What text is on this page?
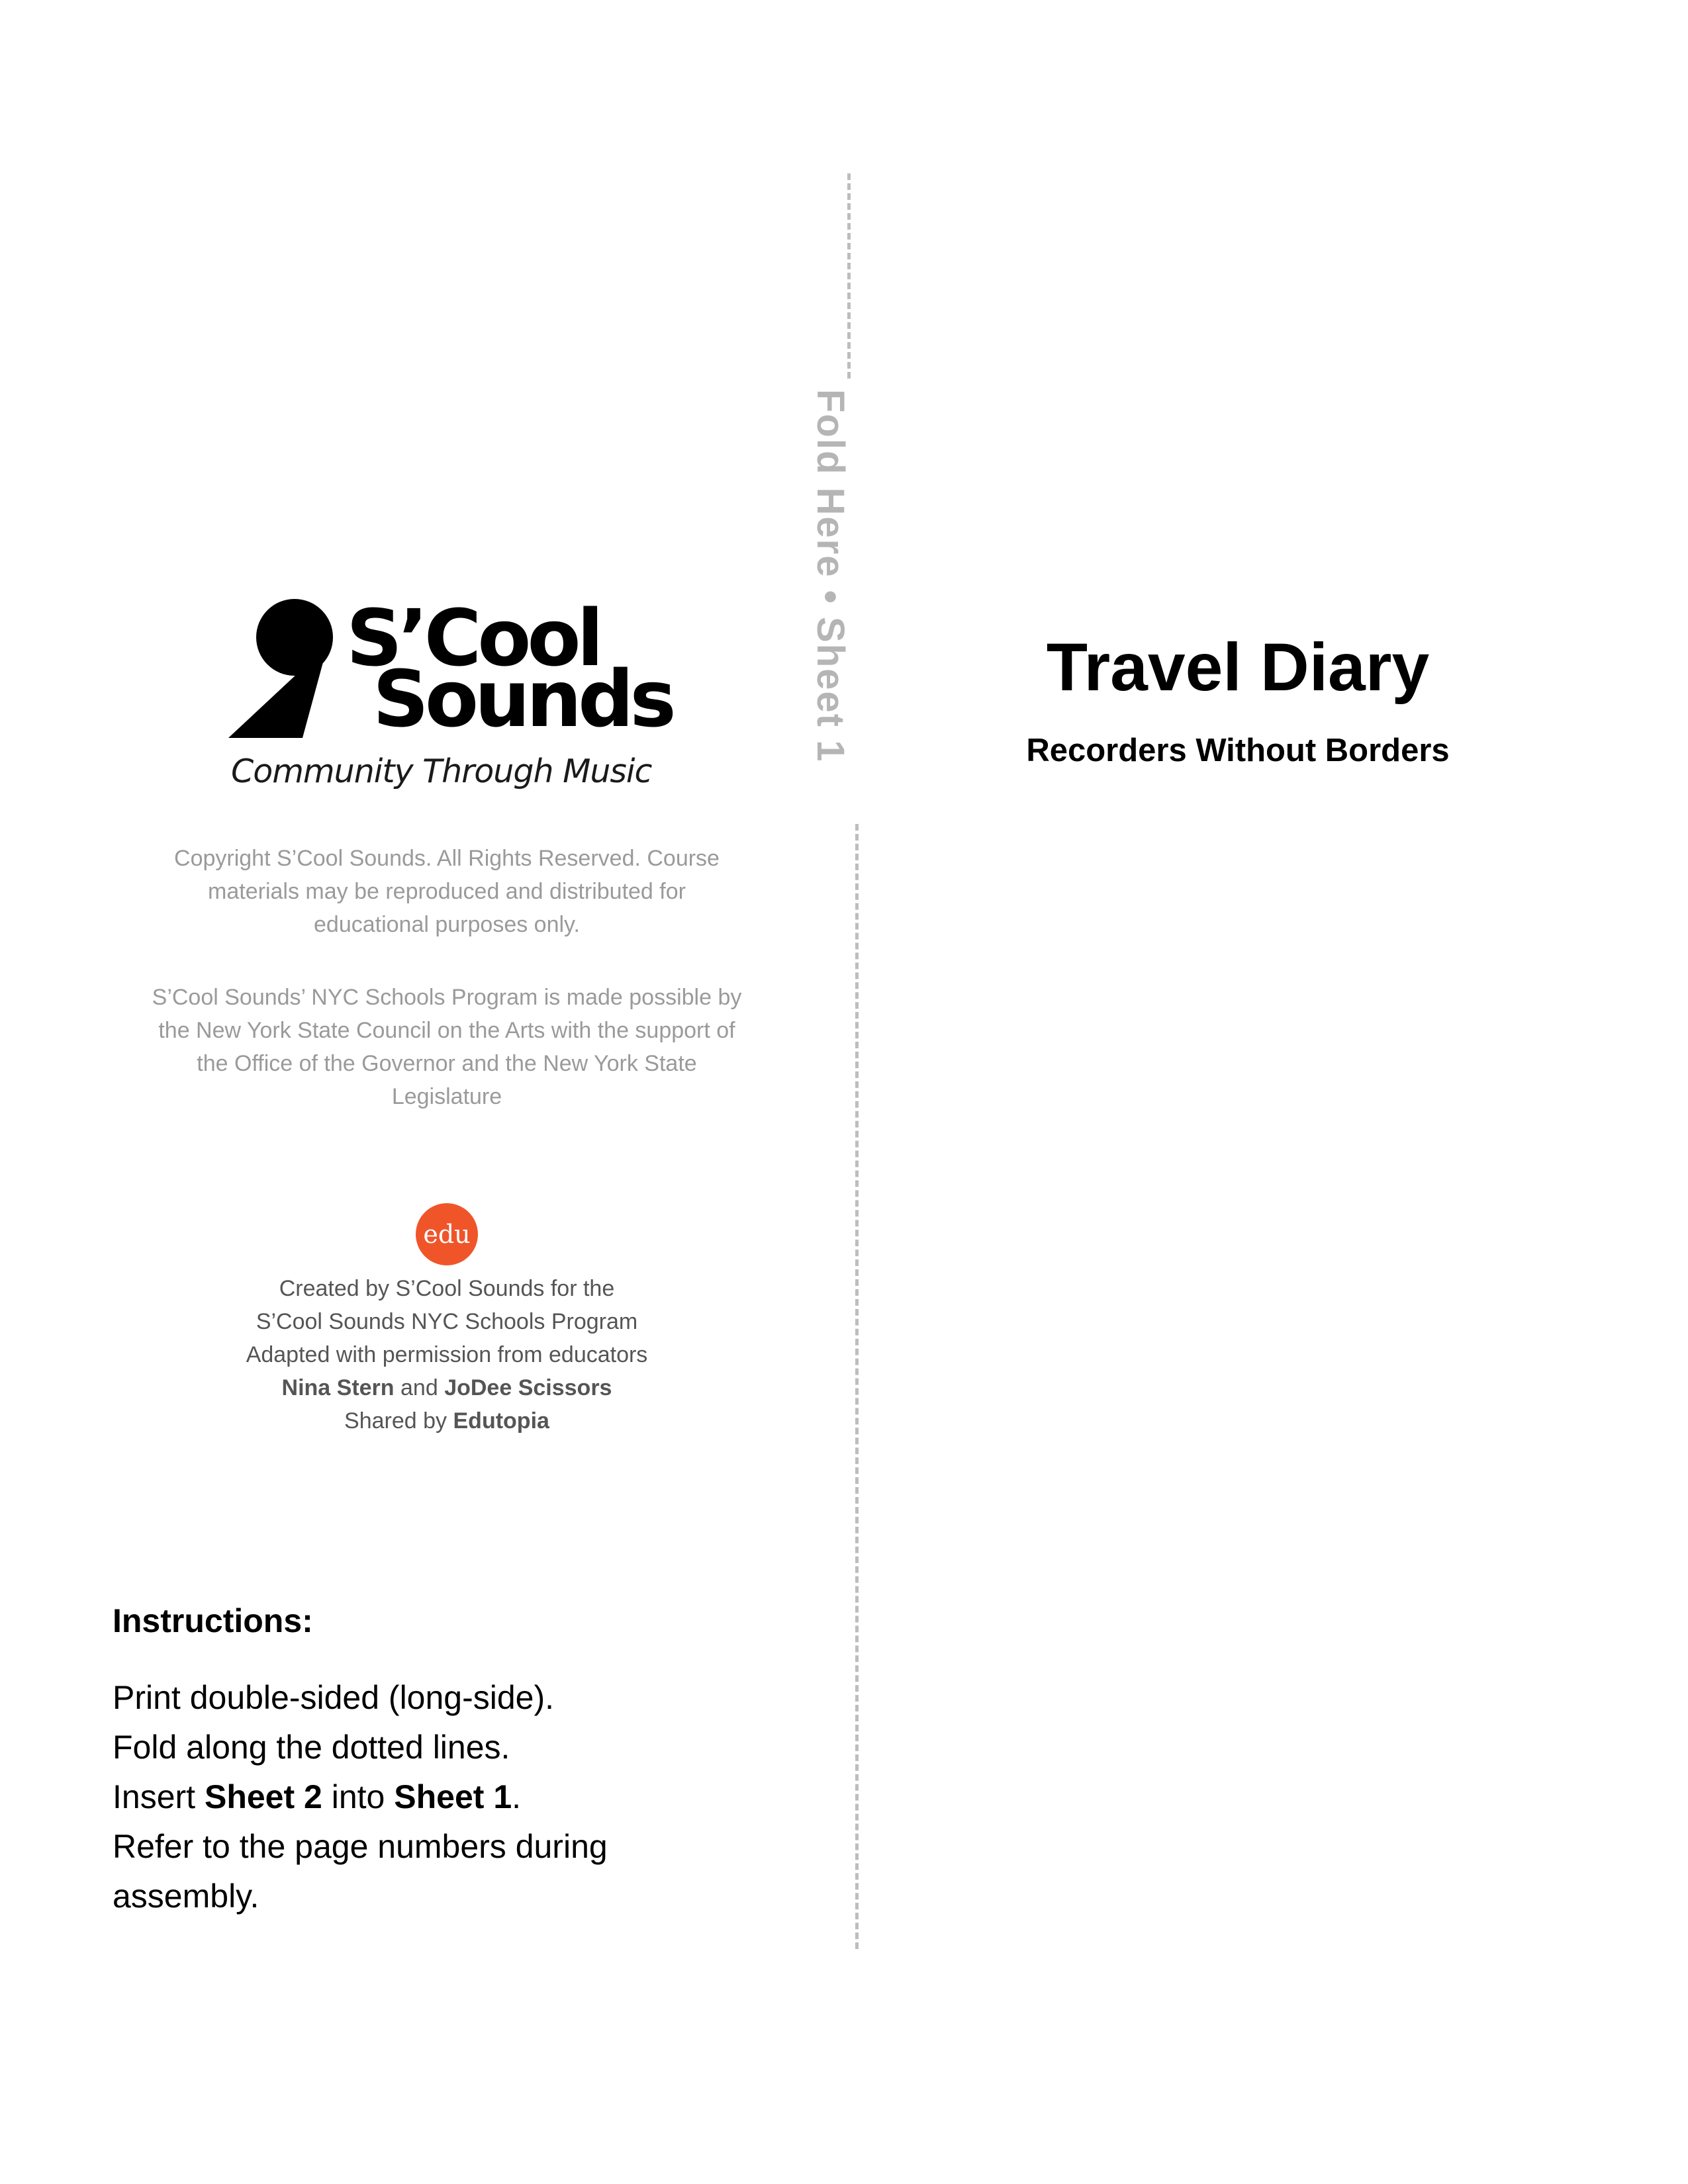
S’Cool
Sounds
Community Through Music
Copyright S’Cool Sounds. All Rights Reserved. Course
materials may be reproduced and distributed for
educational purposes only.
S’Cool Sounds’ NYC Schools Program is made possible by
the New York State Council on the Arts with the support of
the Office of the Governor and the New York State
Legislature
edu
Created by S’Cool Sounds for the
S’Cool Sounds NYC Schools Program
Adapted with permission from educators
Nina Stern and JoDee Scissors
Shared by Edutopia
Instructions:
Print double-sided (long-side).
Fold along the dotted lines.
Insert Sheet 2 into Sheet 1.
Refer to the page numbers during
assembly.
Fold Here • Sheet 1	Travel Diary
Recorders Without Borders
